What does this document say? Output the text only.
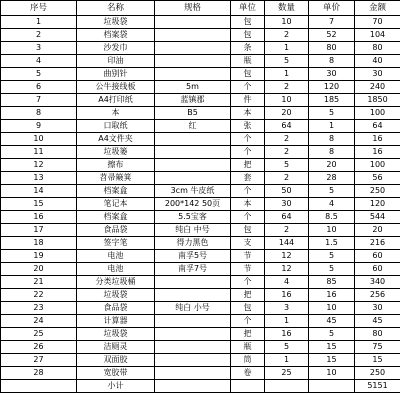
序号	名称	规格	单位	数量	单价	金额
1	垃圾袋		包	10	7	70
2	档案袋		包	2	52	104
3	沙发巾		条	1	80	80
4	印油		瓶	5	8	40
5	曲别针		包	1	30	30
6	公牛接线板	5m	个	2	120	240
7	A4打印纸	蓝镇郡	件	10	185	1850
8	本	B5	本	20	5	100
9	口取纸	红	张	64	1	64
10	A4文件夹		个	2	8	16
11	垃圾篓		个	2	8	16
12	擦布		把	5	20	100
13	苕帚簸箕		套	2	28	56
14	档案盒	3cm 牛皮纸	个	50	5	250
15	笔记本	200*142 50页	本	30	4	120
16	档案盒	5.5宝客	个	64	8.5	544
17	食品袋	纯白 中号	包	2	10	20
18	签字笔	得力黑色	支	144	1.5	216
19	电池	南孚5号	节	12	5	60
20	电池	南孚7号	节	12	5	60
21	分类垃圾桶		个	4	85	340
22	垃圾袋		把	16	16	256
23	食品袋	纯白 小号	包	3	10	30
24	计算器		个	1	45	45
25	垃圾袋		把	16	5	80
26	洁厕灵		瓶	5	15	75
27	双面胶		筒	1	15	15
28	宽胶带		卷	25	10	250
	小计					5151
